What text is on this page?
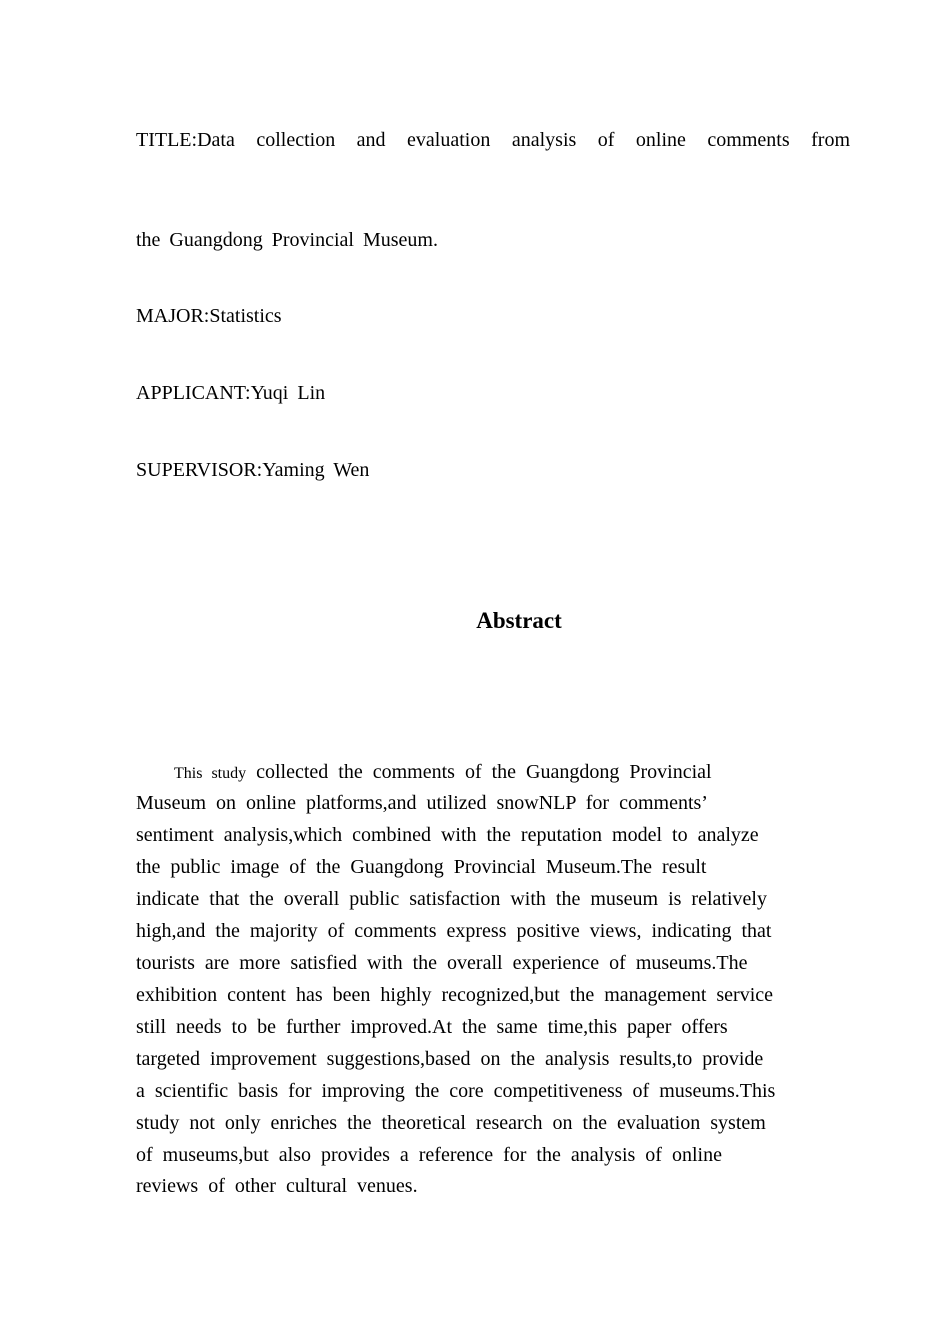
TITLE:Data collection and evaluation analysis of online comments from
the Guangdong Provincial Museum.
MAJOR:Statistics
APPLICANT:Yuqi Lin
SUPERVISOR:Yaming Wen
Abstract
This study collected the comments of the Guangdong Provincial
Museum on online platforms,and utilized snowNLP for comments’
sentiment analysis,which combined with the reputation model to analyze
the public image of the Guangdong Provincial Museum.The result
indicate that the overall public satisfaction with the museum is relatively
high,and the majority of comments express positive views, indicating that
tourists are more satisfied with the overall experience of museums.The
exhibition content has been highly recognized,but the management service
still needs to be further improved.At the same time,this paper offers
targeted improvement suggestions,based on the analysis results,to provide
a scientific basis for improving the core competitiveness of museums.This
study not only enriches the theoretical research on the evaluation system
of museums,but also provides a reference for the analysis of online
reviews of other cultural venues.
